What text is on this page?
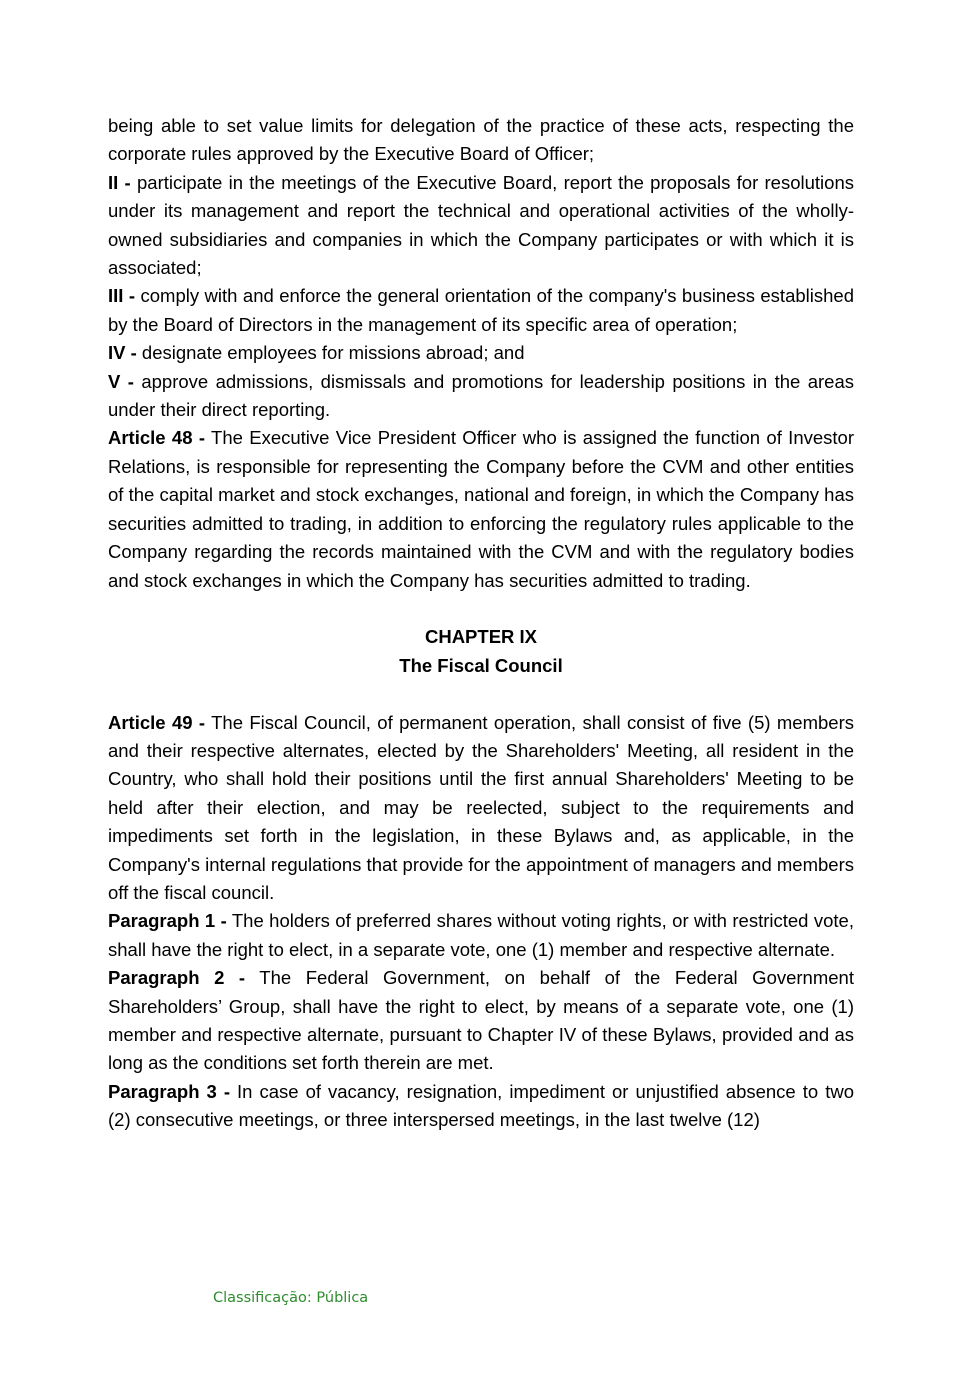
being able to set value limits for delegation of the practice of these acts, respecting the corporate rules approved by the Executive Board of Officer;

II - participate in the meetings of the Executive Board, report the proposals for resolutions under its management and report the technical and operational activities of the wholly-owned subsidiaries and companies in which the Company participates or with which it is associated;

III - comply with and enforce the general orientation of the company's business established by the Board of Directors in the management of its specific area of operation;

IV - designate employees for missions abroad; and

V - approve admissions, dismissals and promotions for leadership positions in the areas under their direct reporting.

Article 48 - The Executive Vice President Officer who is assigned the function of Investor Relations, is responsible for representing the Company before the CVM and other entities of the capital market and stock exchanges, national and foreign, in which the Company has securities admitted to trading, in addition to enforcing the regulatory rules applicable to the Company regarding the records maintained with the CVM and with the regulatory bodies and stock exchanges in which the Company has securities admitted to trading.

CHAPTER IX
The Fiscal Council

Article 49 - The Fiscal Council, of permanent operation, shall consist of five (5) members and their respective alternates, elected by the Shareholders' Meeting, all resident in the Country, who shall hold their positions until the first annual Shareholders' Meeting to be held after their election, and may be reelected, subject to the requirements and impediments set forth in the legislation, in these Bylaws and, as applicable, in the Company's internal regulations that provide for the appointment of managers and members off the fiscal council.

Paragraph 1 - The holders of preferred shares without voting rights, or with restricted vote, shall have the right to elect, in a separate vote, one (1) member and respective alternate.

Paragraph 2 - The Federal Government, on behalf of the Federal Government Shareholders’ Group, shall have the right to elect, by means of a separate vote, one (1) member and respective alternate, pursuant to Chapter IV of these Bylaws, provided and as long as the conditions set forth therein are met.

Paragraph 3 - In case of vacancy, resignation, impediment or unjustified absence to two (2) consecutive meetings, or three interspersed meetings, in the last twelve (12)

Classificação: Pública
